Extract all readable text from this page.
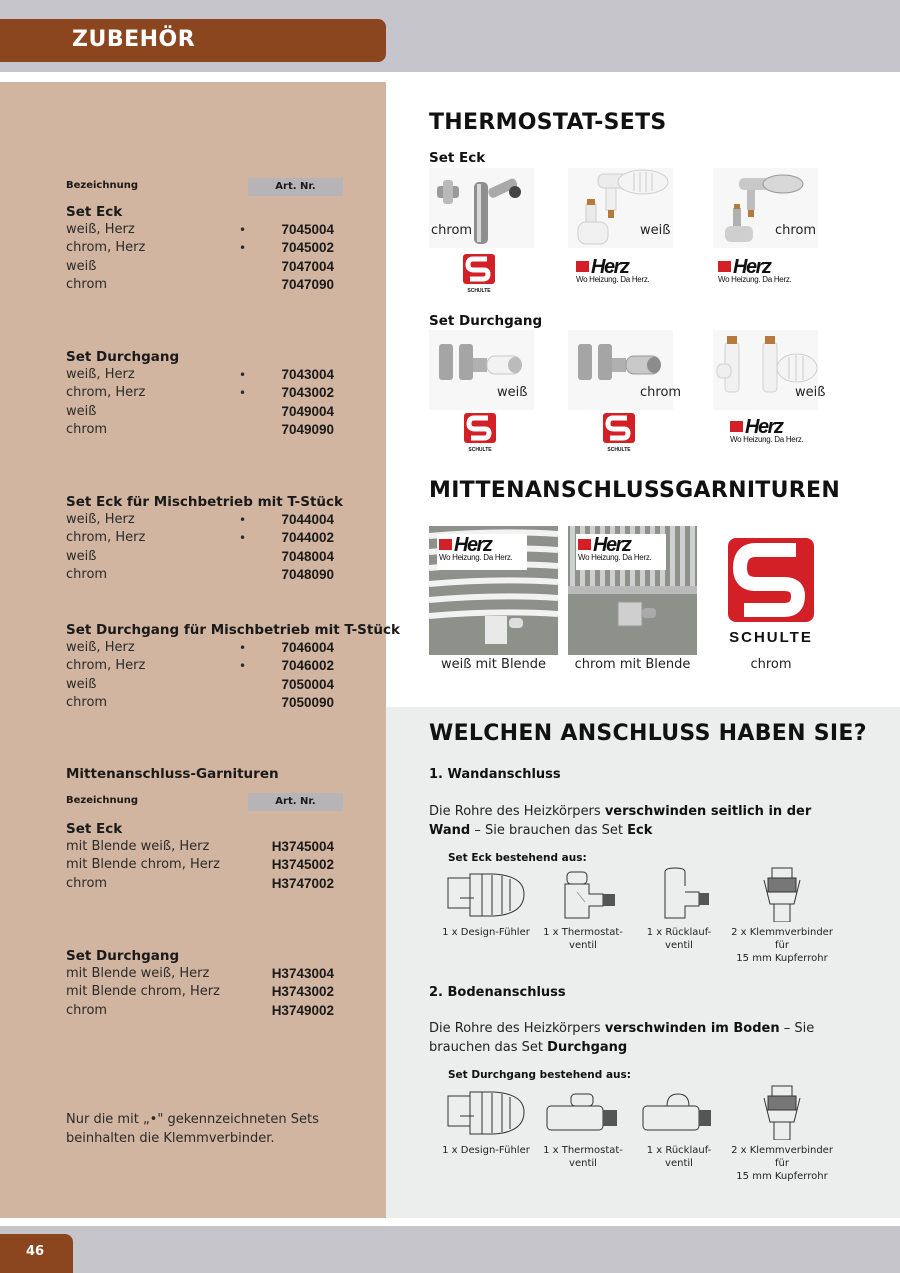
ZUBEHÖR
Bezeichnung	Art. Nr.
Set Eck
weiß, Herz	•	7045004
chrom, Herz	•	7045002
weiß	7047004
chrom	7047090
Set Durchgang
weiß, Herz	•	7043004
chrom, Herz	•	7043002
weiß	7049004
chrom	7049090
Set Eck für Mischbetrieb mit T-Stück
weiß, Herz	•	7044004
chrom, Herz	•	7044002
weiß	7048004
chrom	7048090
Set Durchgang für Mischbetrieb mit T-Stück
weiß, Herz	•	7046004
chrom, Herz	•	7046002
weiß	7050004
chrom	7050090
Mittenanschluss-Garnituren
Bezeichnung	Art. Nr.
Set Eck
mit Blende weiß, Herz	H3745004
mit Blende chrom, Herz	H3745002
chrom	H3747002
Set Durchgang
mit Blende weiß, Herz	H3743004
mit Blende chrom, Herz	H3743002
chrom	H3749002
Nur die mit „•" gekennzeichneten Sets
beinhalten die Klemmverbinder.
THERMOSTAT-SETS
Set Eck
chrom	weiß	chrom
SCHULTE
Herz
Wo Heizung. Da Herz.
Herz
Wo Heizung. Da Herz.
Set Durchgang
weiß	chrom	weiß
SCHULTE	SCHULTE
Herz
Wo Heizung. Da Herz.
MITTENANSCHLUSSGARNITUREN
Herz
Wo Heizung. Da Herz.
Herz
Wo Heizung. Da Herz.
SCHULTE
weiß mit Blende	chrom mit Blende	chrom
WELCHEN ANSCHLUSS HABEN SIE?
1. Wandanschluss
Die Rohre des Heizkörpers verschwinden seitlich in der Wand – Sie brauchen das Set Eck
Set Eck bestehend aus:
1 x Design-Fühler	1 x Thermostat-
ventil
1 x Rücklauf-
ventil
2 x Klemmverbinder für
15 mm Kupferrohr
2. Bodenanschluss
Die Rohre des Heizkörpers verschwinden im Boden – Sie brauchen das Set Durchgang
Set Durchgang bestehend aus:
1 x Design-Fühler	1 x Thermostat-
ventil
1 x Rücklauf-
ventil
2 x Klemmverbinder für
15 mm Kupferrohr
46
